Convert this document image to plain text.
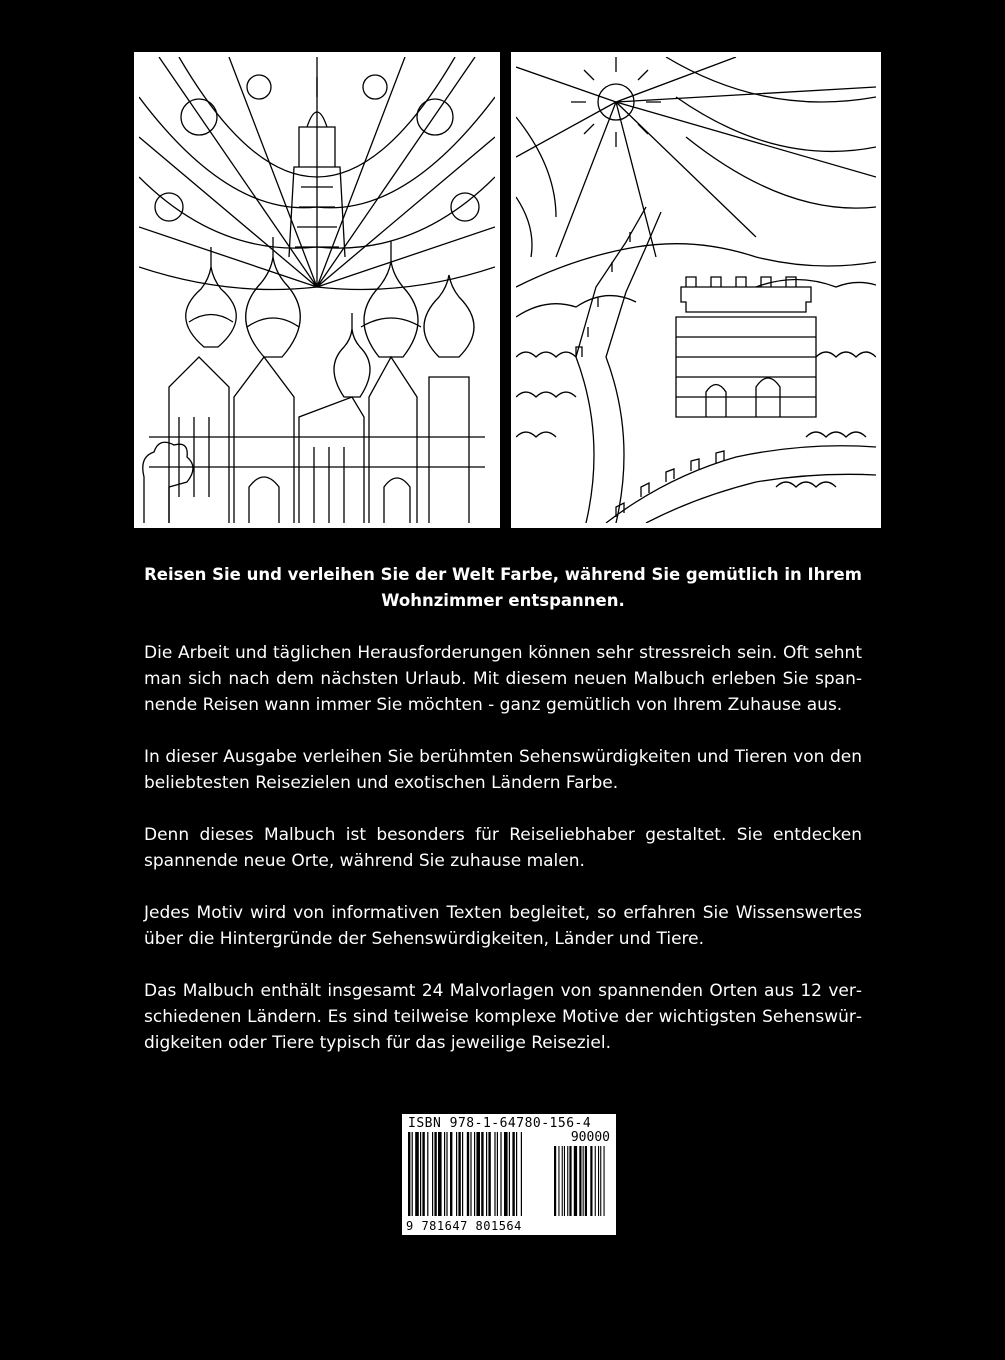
Reisen Sie und verleihen Sie der Welt Farbe, während Sie gemütlich in Ihrem Wohnzimmer entspannen.

Die Arbeit und täglichen Herausforderungen können sehr stressreich sein. Oft sehnt man sich nach dem nächsten Urlaub. Mit diesem neuen Malbuch erleben Sie spannende Reisen wann immer Sie möchten - ganz gemütlich von Ihrem Zuhause aus.

In dieser Ausgabe verleihen Sie berühmten Sehenswürdigkeiten und Tieren von den beliebtesten Reisezielen und exotischen Ländern Farbe.

Denn dieses Malbuch ist besonders für Reiseliebhaber gestaltet. Sie entdecken spannende neue Orte, während Sie zuhause malen.

Jedes Motiv wird von informativen Texten begleitet, so erfahren Sie Wissenswertes über die Hintergründe der Sehenswürdigkeiten, Länder und Tiere.

Das Malbuch enthält insgesamt 24 Malvorlagen von spannenden Orten aus 12 verschiedenen Ländern. Es sind teilweise komplexe Motive der wichtigsten Sehenswürdigkeiten oder Tiere typisch für das jeweilige Reiseziel.

ISBN 978-1-64780-156-4
90000
9 781647 801564
